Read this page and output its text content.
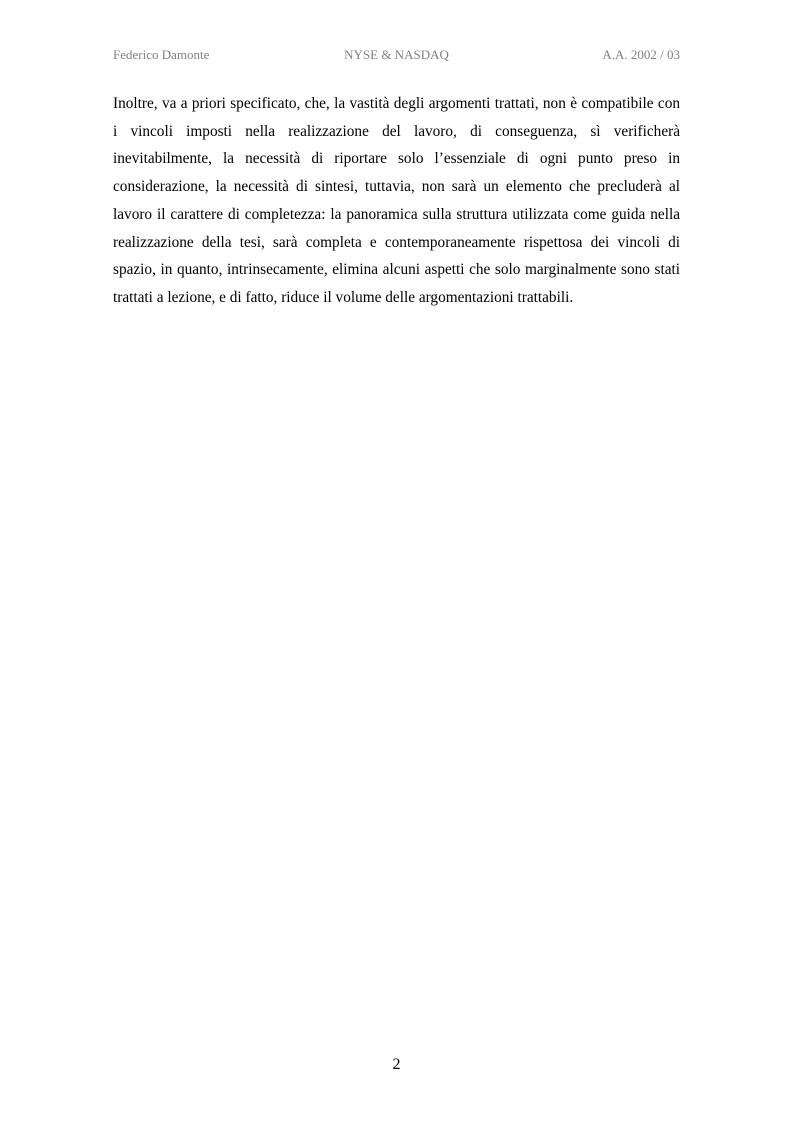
Federico Damonte	NYSE & NASDAQ	A.A. 2002 / 03

Inoltre, va a priori specificato, che, la vastità degli argomenti trattati, non è compatibile con i vincoli imposti nella realizzazione del lavoro, di conseguenza, sì verificherà inevitabilmente, la necessità di riportare solo l’essenziale di ogni punto preso in considerazione, la necessità di sintesi, tuttavia, non sarà un elemento che precluderà al lavoro il carattere di completezza: la panoramica sulla struttura utilizzata come guida nella realizzazione della tesi, sarà completa e contemporaneamente rispettosa dei vincoli di spazio, in quanto, intrinsecamente, elimina alcuni aspetti che solo marginalmente sono stati trattati a lezione, e di fatto, riduce il volume delle argomentazioni trattabili.

2
